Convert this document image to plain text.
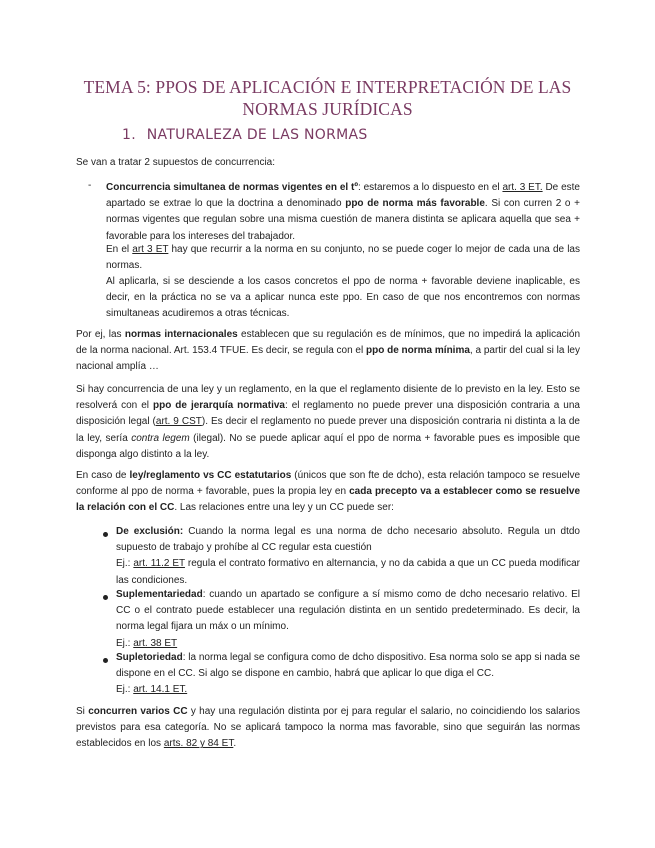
TEMA 5: PPOS DE APLICACIÓN E INTERPRETACIÓN DE LAS
NORMAS JURÍDICAS
1. NATURALEZA DE LAS NORMAS
Se van a tratar 2 supuestos de concurrencia:
- Concurrencia simultanea de normas vigentes en el tº: estaremos a lo dispuesto en el art. 3 ET. De este apartado se extrae lo que la doctrina a denominado ppo de norma más favorable. Si con curren 2 o + normas vigentes que regulan sobre una misma cuestión de manera distinta se aplicara aquella que sea + favorable para los intereses del trabajador.
En el art 3 ET hay que recurrir a la norma en su conjunto, no se puede coger lo mejor de cada una de las normas.
Al aplicarla, si se desciende a los casos concretos el ppo de norma + favorable deviene inaplicable, es decir, en la práctica no se va a aplicar nunca este ppo. En caso de que nos encontremos con normas simultaneas acudiremos a otras técnicas.
Por ej, las normas internacionales establecen que su regulación es de mínimos, que no impedirá la aplicación de la norma nacional. Art. 153.4 TFUE. Es decir, se regula con el ppo de norma mínima, a partir del cual si la ley nacional amplía …
Si hay concurrencia de una ley y un reglamento, en la que el reglamento disiente de lo previsto en la ley. Esto se resolverá con el ppo de jerarquía normativa: el reglamento no puede prever una disposición contraria a una disposición legal (art. 9 CST). Es decir el reglamento no puede prever una disposición contraria ni distinta a la de la ley, sería contra legem (ilegal). No se puede aplicar aquí el ppo de norma + favorable pues es imposible que disponga algo distinto a la ley.
En caso de ley/reglamento vs CC estatutarios (únicos que son fte de dcho), esta relación tampoco se resuelve conforme al ppo de norma + favorable, pues la propia ley en cada precepto va a establecer como se resuelve la relación con el CC. Las relaciones entre una ley y un CC puede ser:
De exclusión: Cuando la norma legal es una norma de dcho necesario absoluto. Regula un dtdo supuesto de trabajo y prohíbe al CC regular esta cuestión
Ej.: art. 11.2 ET regula el contrato formativo en alternancia, y no da cabida a que un CC pueda modificar las condiciones.
Suplementariedad: cuando un apartado se configure a sí mismo como de dcho necesario relativo. El CC o el contrato puede establecer una regulación distinta en un sentido predeterminado. Es decir, la norma legal fijara un máx o un mínimo.
Ej.: art. 38 ET
Supletoriedad: la norma legal se configura como de dcho dispositivo. Esa norma solo se app si nada se dispone en el CC. Si algo se dispone en cambio, habrá que aplicar lo que diga el CC.
Ej.: art. 14.1 ET.
Si concurren varios CC y hay una regulación distinta por ej para regular el salario, no coincidiendo los salarios previstos para esa categoría. No se aplicará tampoco la norma mas favorable, sino que seguirán las normas establecidos en los arts. 82 y 84 ET.
